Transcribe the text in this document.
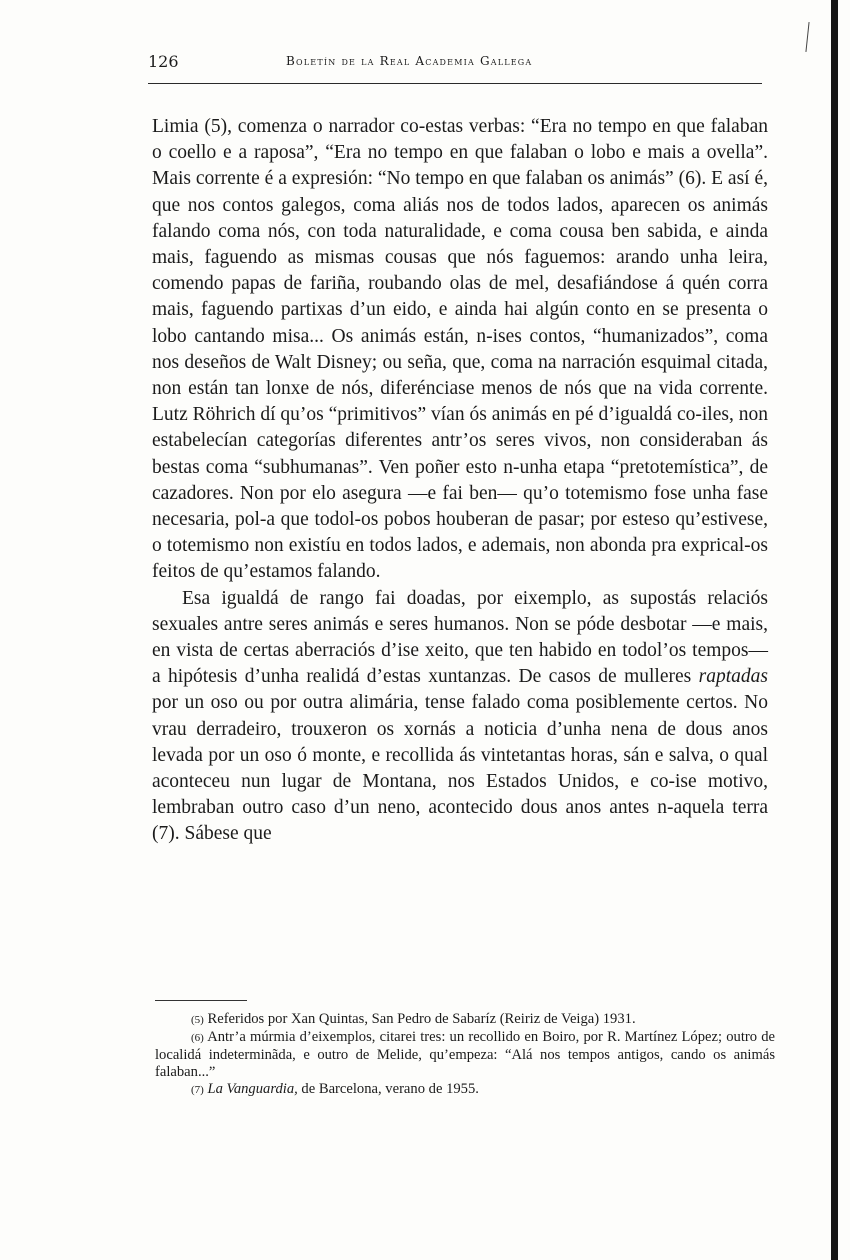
126	Boletín de la Real Academia Gallega

Limia (5), comenza o narrador co-estas verbas: “Era no tempo en que falaban o coello e a raposa”, “Era no tempo en que falaban o lobo e mais a ovella”. Mais corrente é a expresión: “No tempo en que falaban os animás” (6). E así é, que nos contos galegos, coma aliás nos de todos lados, aparecen os animás falando coma nós, con toda naturalidade, e coma cousa ben sabida, e ainda mais, faguendo as mismas cousas que nós faguemos: arando unha leira, comendo papas de fariña, roubando olas de mel, desafiándose á quén corra mais, faguendo partixas d’un eido, e ainda hai algún conto en se presenta o lobo cantando misa... Os animás están, n-ises contos, “humanizados”, coma nos deseños de Walt Disney; ou seña, que, coma na narración esquimal citada, non están tan lonxe de nós, diferénciase menos de nós que na vida corrente. Lutz Röhrich dí qu’os “primitivos” vían ós animás en pé d’igualdá co-iles, non estabelecían categorías diferentes antr’os seres vivos, non consideraban ás bestas coma “subhumanas”. Ven poñer esto n-unha etapa “pretotemística”, de cazadores. Non por elo asegura —e fai ben— qu’o totemismo fose unha fase necesaria, pol-a que todol-os pobos houberan de pasar; por esteso qu’estivese, o totemismo non existíu en todos lados, e ademais, non abonda pra exprical-os feitos de qu’estamos falando.

Esa igualdá de rango fai doadas, por eixemplo, as supostás relaciós sexuales antre seres animás e seres humanos. Non se póde desbotar —e mais, en vista de certas aberraciós d’ise xeito, que ten habido en todol’os tempos— a hipótesis d’unha realidá d’estas xuntanzas. De casos de mulleres raptadas por un oso ou por outra alimária, tense falado coma posiblemente certos. No vrau derradeiro, trouxeron os xornás a noticia d’unha nena de dous anos levada por un oso ó monte, e recollida ás vintetantas horas, sán e salva, o qual aconteceu nun lugar de Montana, nos Estados Unidos, e co-ise motivo, lembraban outro caso d’un neno, acontecido dous anos antes n-aquela terra (7). Sábese que

(5) Referidos por Xan Quintas, San Pedro de Sabaríz (Reiriz de Veiga) 1931.

(6) Antr’a múrmia d’eixemplos, citarei tres: un recollido en Boiro, por R. Martínez López; outro de localidá indeterminãda, e outro de Melide, qu’empeza: “Alá nos tempos antigos, cando os animás falaban...”

(7) La Vanguardia, de Barcelona, verano de 1955.
